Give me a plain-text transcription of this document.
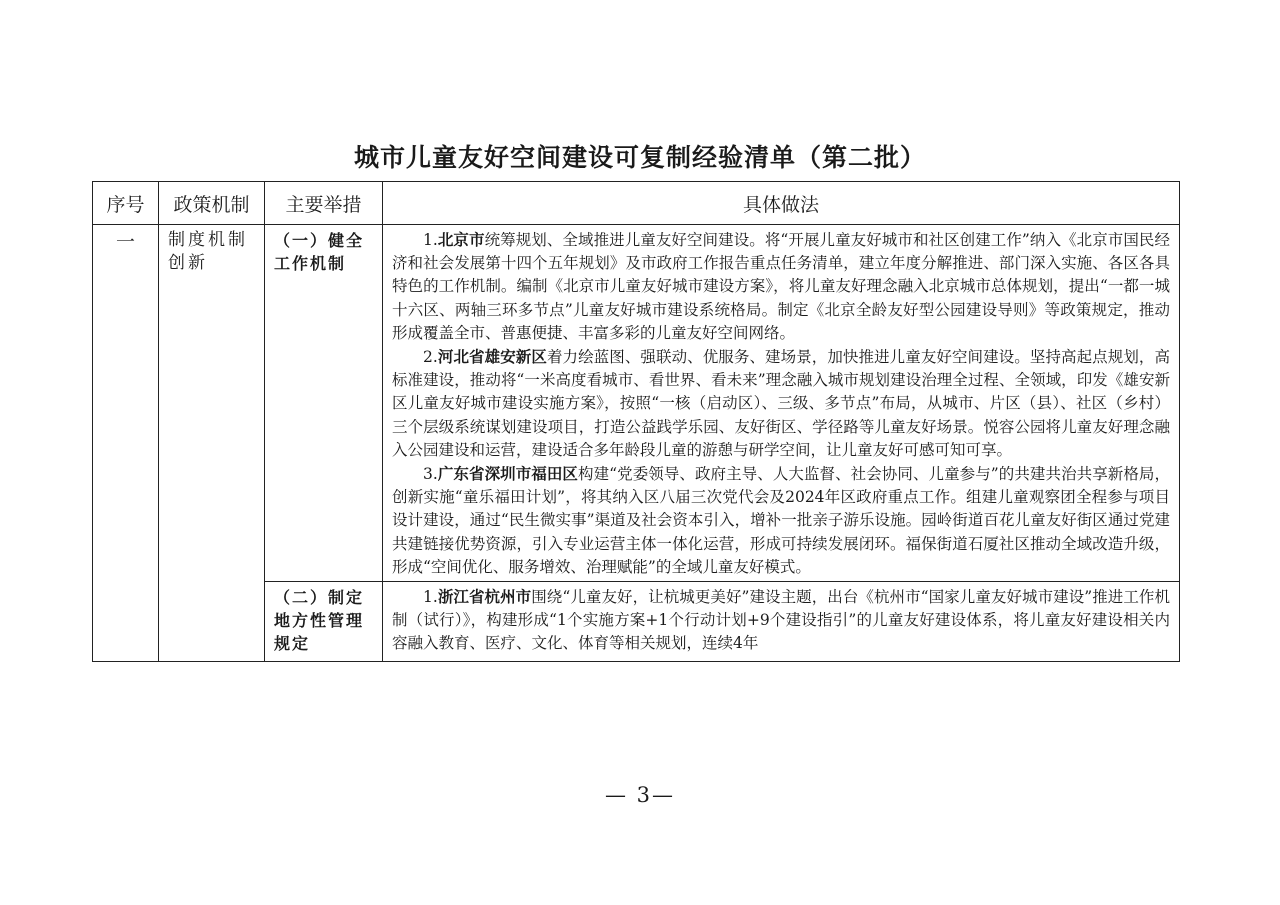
城市儿童友好空间建设可复制经验清单（第二批）
序号	政策机制	主要举措	具体做法
一	制度机制创新	（一）健全工作机制	1.北京市统筹规划、全域推进儿童友好空间建设。将“开展儿童友好城市和社区创建工作”纳入《北京市国民经济和社会发展第十四个五年规划》及市政府工作报告重点任务清单，建立年度分解推进、部门深入实施、各区各具特色的工作机制。编制《北京市儿童友好城市建设方案》，将儿童友好理念融入北京城市总体规划，提出“一都一城十六区、两轴三环多节点”儿童友好城市建设系统格局。制定《北京全龄友好型公园建设导则》等政策规定，推动形成覆盖全市、普惠便捷、丰富多彩的儿童友好空间网络。

2.河北省雄安新区着力绘蓝图、强联动、优服务、建场景，加快推进儿童友好空间建设。坚持高起点规划，高标准建设，推动将“一米高度看城市、看世界、看未来”理念融入城市规划建设治理全过程、全领域，印发《雄安新区儿童友好城市建设实施方案》，按照“一核（启动区）、三级、多节点”布局，从城市、片区（县）、社区（乡村）三个层级系统谋划建设项目，打造公益践学乐园、友好街区、学径路等儿童友好场景。悦容公园将儿童友好理念融入公园建设和运营，建设适合多年龄段儿童的游憩与研学空间，让儿童友好可感可知可享。

3.广东省深圳市福田区构建“党委领导、政府主导、人大监督、社会协同、儿童参与”的共建共治共享新格局，创新实施“童乐福田计划”，将其纳入区八届三次党代会及2024年区政府重点工作。组建儿童观察团全程参与项目设计建设，通过“民生微实事”渠道及社会资本引入，增补一批亲子游乐设施。园岭街道百花儿童友好街区通过党建共建链接优势资源，引入专业运营主体一体化运营，形成可持续发展闭环。福保街道石厦社区推动全域改造升级，形成“空间优化、服务增效、治理赋能”的全域儿童友好模式。

		（二）制定地方性管理规定	1.浙江省杭州市围绕“儿童友好，让杭城更美好”建设主题，出台《杭州市“国家儿童友好城市建设”推进工作机制（试行）》，构建形成“1个实施方案+1个行动计划+9个建设指引”的儿童友好建设体系，将儿童友好建设相关内容融入教育、医疗、文化、体育等相关规划，连续4年

— 3—
